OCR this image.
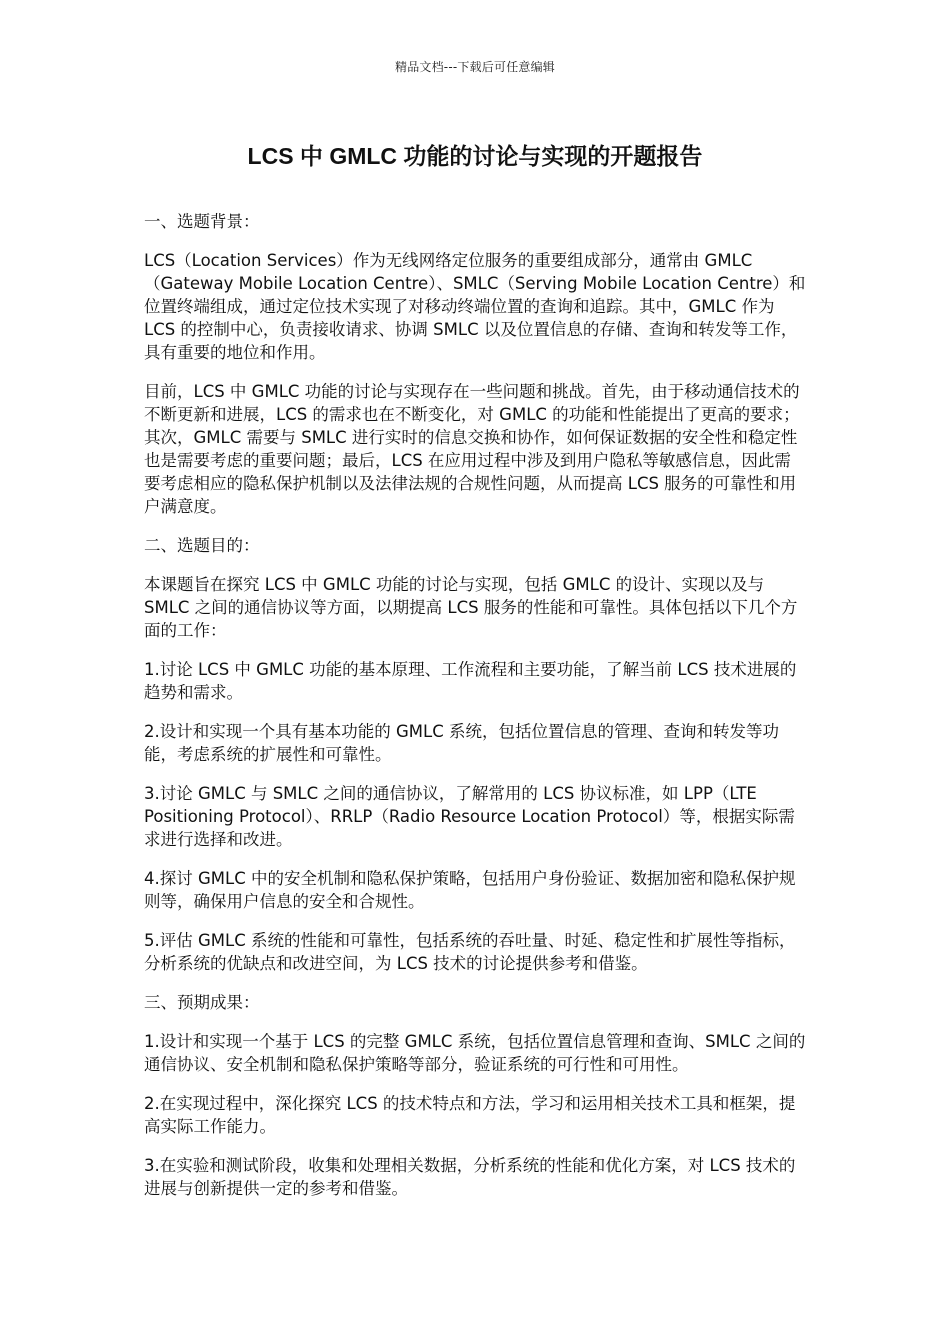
精品文档---下载后可任意编辑
LCS 中 GMLC 功能的讨论与实现的开题报告

一、选题背景：

LCS（Location Services）作为无线网络定位服务的重要组成部分，通常由 GMLC（Gateway Mobile Location Centre）、SMLC（Serving Mobile Location Centre）和位置终端组成，通过定位技术实现了对移动终端位置的查询和追踪。其中，GMLC 作为 LCS 的控制中心，负责接收请求、协调 SMLC 以及位置信息的存储、查询和转发等工作，具有重要的地位和作用。

目前，LCS 中 GMLC 功能的讨论与实现存在一些问题和挑战。首先，由于移动通信技术的不断更新和进展，LCS 的需求也在不断变化，对 GMLC 的功能和性能提出了更高的要求；其次，GMLC 需要与 SMLC 进行实时的信息交换和协作，如何保证数据的安全性和稳定性也是需要考虑的重要问题；最后，LCS 在应用过程中涉及到用户隐私等敏感信息，因此需要考虑相应的隐私保护机制以及法律法规的合规性问题，从而提高 LCS 服务的可靠性和用户满意度。

二、选题目的：

本课题旨在探究 LCS 中 GMLC 功能的讨论与实现，包括 GMLC 的设计、实现以及与 SMLC 之间的通信协议等方面，以期提高 LCS 服务的性能和可靠性。具体包括以下几个方面的工作：

1.讨论 LCS 中 GMLC 功能的基本原理、工作流程和主要功能，了解当前 LCS 技术进展的趋势和需求。

2.设计和实现一个具有基本功能的 GMLC 系统，包括位置信息的管理、查询和转发等功能，考虑系统的扩展性和可靠性。

3.讨论 GMLC 与 SMLC 之间的通信协议，了解常用的 LCS 协议标准，如 LPP（LTE Positioning Protocol）、RRLP（Radio Resource Location Protocol）等，根据实际需求进行选择和改进。

4.探讨 GMLC 中的安全机制和隐私保护策略，包括用户身份验证、数据加密和隐私保护规则等，确保用户信息的安全和合规性。

5.评估 GMLC 系统的性能和可靠性，包括系统的吞吐量、时延、稳定性和扩展性等指标，分析系统的优缺点和改进空间，为 LCS 技术的讨论提供参考和借鉴。

三、预期成果：

1.设计和实现一个基于 LCS 的完整 GMLC 系统，包括位置信息管理和查询、SMLC 之间的通信协议、安全机制和隐私保护策略等部分，验证系统的可行性和可用性。

2.在实现过程中，深化探究 LCS 的技术特点和方法，学习和运用相关技术工具和框架，提高实际工作能力。

3.在实验和测试阶段，收集和处理相关数据，分析系统的性能和优化方案，对 LCS 技术的进展与创新提供一定的参考和借鉴。
